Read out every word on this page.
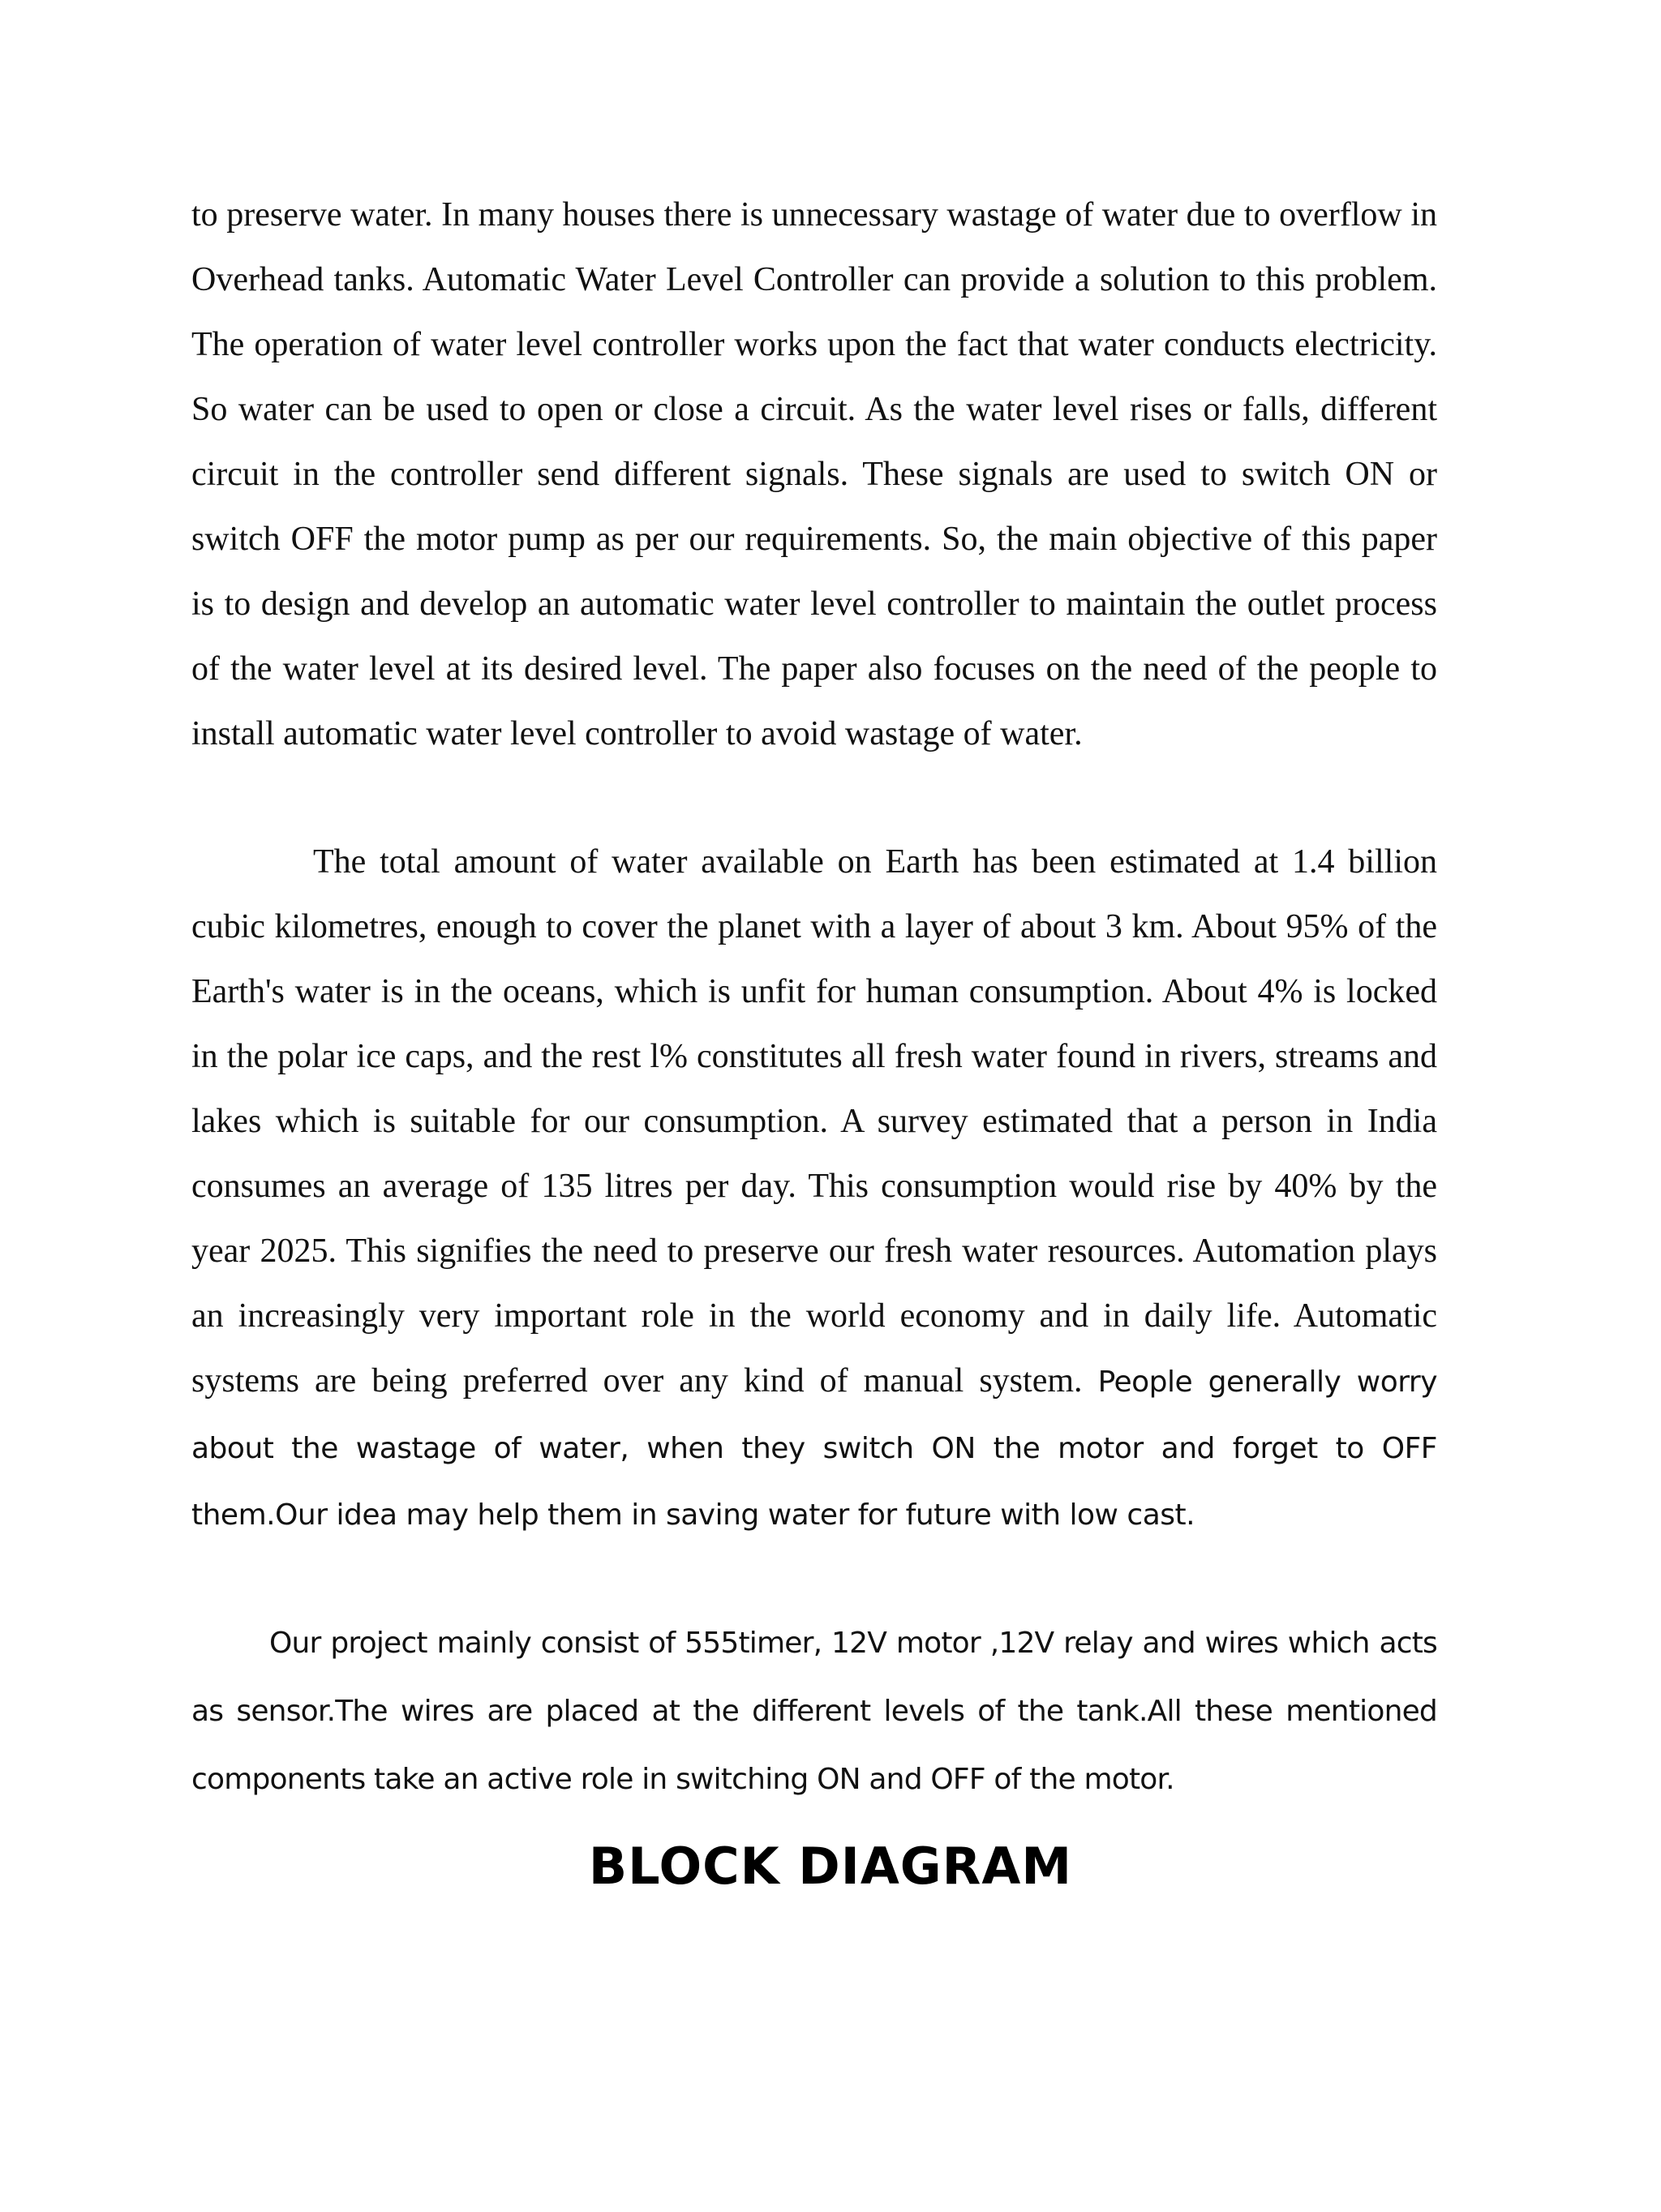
to preserve water. In many houses there is unnecessary wastage of water due to overflow in Overhead tanks. Automatic Water Level Controller can provide a solution to this problem. The operation of water level controller works upon the fact that water conducts electricity. So water can be used to open or close a circuit. As the water level rises or falls, different circuit in the controller send different signals. These signals are used to switch ON or switch OFF the motor pump as per our requirements. So, the main objective of this paper is to design and develop an automatic water level controller to maintain the outlet process of the water level at its desired level. The paper also focuses on the need of the people to install automatic water level controller to avoid wastage of water.

The total amount of water available on Earth has been estimated at 1.4 billion cubic kilometres, enough to cover the planet with a layer of about 3 km. About 95% of the Earth's water is in the oceans, which is unfit for human consumption. About 4% is locked in the polar ice caps, and the rest l% constitutes all fresh water found in rivers, streams and lakes which is suitable for our consumption. A survey estimated that a person in India consumes an average of 135 litres per day. This consumption would rise by 40% by the year 2025. This signifies the need to preserve our fresh water resources. Automation plays an increasingly very important role in the world economy and in daily life. Automatic systems are being preferred over any kind of manual system. People generally worry about the wastage of water, when they switch ON the motor and forget to OFF them.Our idea may help them in saving water for future with low cast.

Our project mainly consist of 555timer, 12V motor ,12V relay and wires which acts as sensor.The wires are placed at the different levels of the tank.All these mentioned components take an active role in switching ON and OFF of the motor.

BLOCK DIAGRAM
